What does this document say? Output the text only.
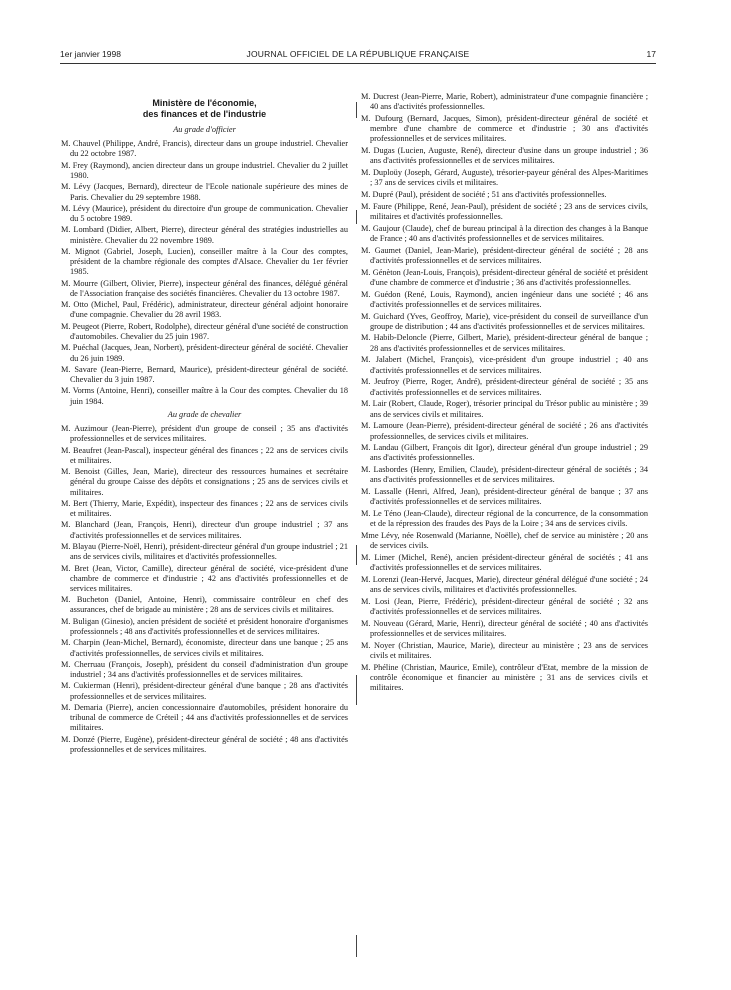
1er janvier 1998	JOURNAL OFFICIEL DE LA RÉPUBLIQUE FRANÇAISE	17
Ministère de l'économie,
des finances et de l'industrie
Au grade d'officier

M. Chauvel (Philippe, André, Francis), directeur dans un groupe industriel. Chevalier du 22 octobre 1987.

M. Frey (Raymond), ancien directeur dans un groupe industriel. Chevalier du 2 juillet 1980.

M. Lévy (Jacques, Bernard), directeur de l'Ecole nationale supérieure des mines de Paris. Chevalier du 29 septembre 1988.

M. Lévy (Maurice), président du directoire d'un groupe de communication. Chevalier du 5 octobre 1989.

M. Lombard (Didier, Albert, Pierre), directeur général des stratégies industrielles au ministère. Chevalier du 22 novembre 1989.

M. Mignot (Gabriel, Joseph, Lucien), conseiller maître à la Cour des comptes, président de la chambre régionale des comptes d'Alsace. Chevalier du 1er février 1985.

M. Mourre (Gilbert, Olivier, Pierre), inspecteur général des finances, délégué général de l'Association française des sociétés financières. Chevalier du 13 octobre 1987.

M. Otto (Michel, Paul, Frédéric), administrateur, directeur général adjoint honoraire d'une compagnie. Chevalier du 28 avril 1983.

M. Peugeot (Pierre, Robert, Rodolphe), directeur général d'une société de construction d'automobiles. Chevalier du 25 juin 1987.

M. Puéchal (Jacques, Jean, Norbert), président-directeur général de société. Chevalier du 26 juin 1989.

M. Savare (Jean-Pierre, Bernard, Maurice), président-directeur général de société. Chevalier du 3 juin 1987.

M. Vorms (Antoine, Henri), conseiller maître à la Cour des comptes. Chevalier du 18 juin 1984.

Au grade de chevalier

M. Auzimour (Jean-Pierre), président d'un groupe de conseil ; 35 ans d'activités professionnelles et de services militaires.

M. Beaufret (Jean-Pascal), inspecteur général des finances ; 22 ans de services civils et militaires.

M. Benoist (Gilles, Jean, Marie), directeur des ressources humaines et secrétaire général du groupe Caisse des dépôts et consignations ; 25 ans de services civils et militaires.

M. Bert (Thierry, Marie, Expédit), inspecteur des finances ; 22 ans de services civils et militaires.

M. Blanchard (Jean, François, Henri), directeur d'un groupe industriel ; 37 ans d'activités professionnelles et de services militaires.

M. Blayau (Pierre-Noël, Henri), président-directeur général d'un groupe industriel ; 21 ans de services civils, militaires et d'activités professionnelles.

M. Bret (Jean, Victor, Camille), directeur général de société, vice-président d'une chambre de commerce et d'industrie ; 42 ans d'activités professionnelles et de services militaires.

M. Bucheton (Daniel, Antoine, Henri), commissaire contrôleur en chef des assurances, chef de brigade au ministère ; 28 ans de services civils et militaires.

M. Buligan (Ginesio), ancien président de société et président honoraire d'organismes professionnels ; 48 ans d'activités professionnelles et de services militaires.

M. Charpin (Jean-Michel, Bernard), économiste, directeur dans une banque ; 25 ans d'activités professionnelles, de services civils et militaires.

M. Cherruau (François, Joseph), président du conseil d'administration d'un groupe industriel ; 34 ans d'activités professionnelles et de services militaires.

M. Cukierman (Henri), président-directeur général d'une banque ; 28 ans d'activités professionnelles et de services militaires.

M. Demaria (Pierre), ancien concessionnaire d'automobiles, président honoraire du tribunal de commerce de Créteil ; 44 ans d'activités professionnelles et de services militaires.

M. Donzé (Pierre, Eugène), président-directeur général de société ; 48 ans d'activités professionnelles et de services militaires.

M. Ducrest (Jean-Pierre, Marie, Robert), administrateur d'une compagnie financière ; 40 ans d'activités professionnelles.

M. Dufourg (Bernard, Jacques, Simon), président-directeur général de société et membre d'une chambre de commerce et d'industrie ; 30 ans d'activités professionnelles et de services militaires.

M. Dugas (Lucien, Auguste, René), directeur d'usine dans un groupe industriel ; 36 ans d'activités professionnelles et de services militaires.

M. Duploüy (Joseph, Gérard, Auguste), trésorier-payeur général des Alpes-Maritimes ; 37 ans de services civils et militaires.

M. Dupré (Paul), président de société ; 51 ans d'activités professionnelles.

M. Faure (Philippe, René, Jean-Paul), président de société ; 23 ans de services civils, militaires et d'activités professionnelles.

M. Gaujour (Claude), chef de bureau principal à la direction des changes à la Banque de France ; 40 ans d'activités professionnelles et de services militaires.

M. Gaumet (Daniel, Jean-Marie), président-directeur général de société ; 28 ans d'activités professionnelles et de services militaires.

M. Génèton (Jean-Louis, François), président-directeur général de société et président d'une chambre de commerce et d'industrie ; 36 ans d'activités professionnelles.

M. Guédon (René, Louis, Raymond), ancien ingénieur dans une société ; 46 ans d'activités professionnelles et de services militaires.

M. Guichard (Yves, Geoffroy, Marie), vice-président du conseil de surveillance d'un groupe de distribution ; 44 ans d'activités professionnelles et de services militaires.

M. Habib-Deloncle (Pierre, Gilbert, Marie), président-directeur général de banque ; 28 ans d'activités professionnelles et de services militaires.

M. Jalabert (Michel, François), vice-président d'un groupe industriel ; 40 ans d'activités professionnelles et de services militaires.

M. Jeufroy (Pierre, Roger, André), président-directeur général de société ; 35 ans d'activités professionnelles et de services militaires.

M. Lair (Robert, Claude, Roger), trésorier principal du Trésor public au ministère ; 39 ans de services civils et militaires.

M. Lamoure (Jean-Pierre), président-directeur général de société ; 26 ans d'activités professionnelles, de services civils et militaires.

M. Landau (Gilbert, François dit Igor), directeur général d'un groupe industriel ; 29 ans d'activités professionnelles.

M. Lasbordes (Henry, Emilien, Claude), président-directeur général de sociétés ; 34 ans d'activités professionnelles et de services militaires.

M. Lassalle (Henri, Alfred, Jean), président-directeur général de banque ; 37 ans d'activités professionnelles et de services militaires.

M. Le Téno (Jean-Claude), directeur régional de la concurrence, de la consommation et de la répression des fraudes des Pays de la Loire ; 34 ans de services civils.

Mme Lévy, née Rosenwald (Marianne, Noëlle), chef de service au ministère ; 20 ans de services civils.

M. Limer (Michel, René), ancien président-directeur général de sociétés ; 41 ans d'activités professionnelles et de services militaires.

M. Lorenzi (Jean-Hervé, Jacques, Marie), directeur général délégué d'une société ; 24 ans de services civils, militaires et d'activités professionnelles.

M. Losi (Jean, Pierre, Frédéric), président-directeur général de société ; 32 ans d'activités professionnelles et de services militaires.

M. Nouveau (Gérard, Marie, Henri), directeur général de société ; 40 ans d'activités professionnelles et de services militaires.

M. Noyer (Christian, Maurice, Marie), directeur au ministère ; 23 ans de services civils et militaires.

M. Phéline (Christian, Maurice, Emile), contrôleur d'Etat, membre de la mission de contrôle économique et financier au ministère ; 31 ans de services civils et militaires.
